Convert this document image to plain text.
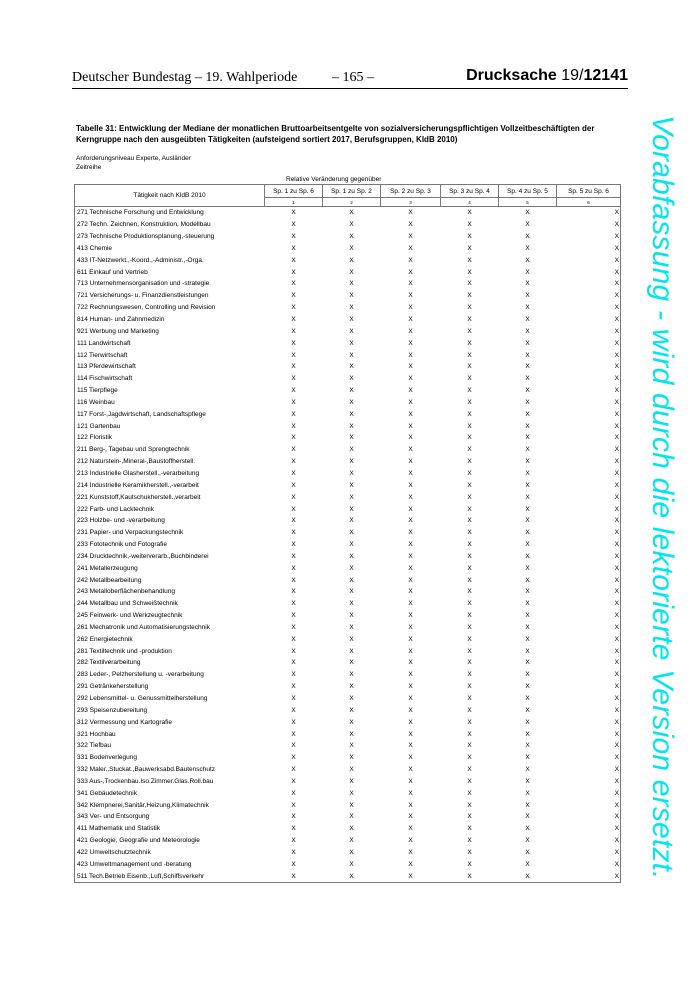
Deutscher Bundestag – 19. Wahlperiode – 165 –	Drucksache 19/12141
Tabelle 31: Entwicklung der Mediane der monatlichen Bruttoarbeitsentgelte von sozialversicherungspflichtigen Vollzeitbeschäftigten der Kerngruppe nach den ausgeübten Tätigkeiten (aufsteigend sortiert 2017, Berufsgruppen, KldB 2010)
Anforderungsniveau Experte, Ausländer
Zeitreihe
Relative Veränderung gegenüber
Tätigkeit nach KldB 2010	Sp. 1 zu Sp. 6	Sp. 1 zu Sp. 2	Sp. 2 zu Sp. 3	Sp. 3 zu Sp. 4	Sp. 4 zu Sp. 5	Sp. 5 zu Sp. 6
	1	2	3	4	5	6
271 Technische Forschung und Entwicklung	X	X	X	X	X	X
272 Techn. Zeichnen, Konstruktion, Modellbau	X	X	X	X	X	X
273 Technische Produktionsplanung,-steuerung	X	X	X	X	X	X
413 Chemie	X	X	X	X	X	X
433 IT-Netzwerkt.,-Koord.,-Administr.,-Orga.	X	X	X	X	X	X
611 Einkauf und Vertrieb	X	X	X	X	X	X
713 Unternehmensorganisation und -strategie	X	X	X	X	X	X
721 Versicherungs- u. Finanzdienstleistungen	X	X	X	X	X	X
722 Rechnungswesen, Controlling und Revision	X	X	X	X	X	X
814 Human- und Zahnmedizin	X	X	X	X	X	X
921 Werbung und Marketing	X	X	X	X	X	X
111 Landwirtschaft	X	X	X	X	X	X
112 Tierwirtschaft	X	X	X	X	X	X
113 Pferdewirtschaft	X	X	X	X	X	X
114 Fischwirtschaft	X	X	X	X	X	X
115 Tierpflege	X	X	X	X	X	X
116 Weinbau	X	X	X	X	X	X
117 Forst-,Jagdwirtschaft, Landschaftspflege	X	X	X	X	X	X
121 Gartenbau	X	X	X	X	X	X
122 Floristik	X	X	X	X	X	X
211 Berg-, Tagebau und Sprengtechnik	X	X	X	X	X	X
212 Naturstein-,Mineral-,Baustoffherstell.	X	X	X	X	X	X
213 Industrielle Glasherstell.,-verarbeitung	X	X	X	X	X	X
214 Industrielle Keramikherstell.,-verarbeit	X	X	X	X	X	X
221 Kunststoff,Kautschukherstell.,verarbeit	X	X	X	X	X	X
222 Farb- und Lacktechnik	X	X	X	X	X	X
223 Holzbe- und -verarbeitung	X	X	X	X	X	X
231 Papier- und Verpackungstechnik	X	X	X	X	X	X
233 Fototechnik und Fotografie	X	X	X	X	X	X
234 Drucktechnik,-weiterverarb.,Buchbinderei	X	X	X	X	X	X
241 Metallerzeugung	X	X	X	X	X	X
242 Metallbearbeitung	X	X	X	X	X	X
243 Metalloberflächenbehandlung	X	X	X	X	X	X
244 Metallbau und Schweißtechnik	X	X	X	X	X	X
245 Feinwerk- und Werkzeugtechnik	X	X	X	X	X	X
261 Mechatronik und Automatisierungstechnik	X	X	X	X	X	X
262 Energietechnik	X	X	X	X	X	X
281 Textiltechnik und -produktion	X	X	X	X	X	X
282 Textilverarbeitung	X	X	X	X	X	X
283 Leder-, Pelzherstellung u. -verarbeitung	X	X	X	X	X	X
291 Getränkeherstellung	X	X	X	X	X	X
292 Lebensmittel- u. Genussmittelherstellung	X	X	X	X	X	X
293 Speisenzubereitung	X	X	X	X	X	X
312 Vermessung und Kartografie	X	X	X	X	X	X
321 Hochbau	X	X	X	X	X	X
322 Tiefbau	X	X	X	X	X	X
331 Bodenverlegung	X	X	X	X	X	X
332 Maler.,Stuckat.,Bauwerksabd.Bautenschutz	X	X	X	X	X	X
333 Aus-,Trockenbau.Iso.Zimmer.Glas.Roll.bau	X	X	X	X	X	X
341 Gebäudetechnik	X	X	X	X	X	X
342 Klempnerei,Sanitär,Heizung,Klimatechnik	X	X	X	X	X	X
343 Ver- und Entsorgung	X	X	X	X	X	X
411 Mathematik und Statistik	X	X	X	X	X	X
421 Geologie, Geografie und Meteorologie	X	X	X	X	X	X
422 Umweltschutztechnik	X	X	X	X	X	X
423 Umweltmanagement und -beratung	X	X	X	X	X	X
511 Tech.Betrieb Eisenb.,Luft,Schiffsverkehr	X	X	X	X	X	X Vorabfassung - wird durch die lektorierte Version ersetzt.
